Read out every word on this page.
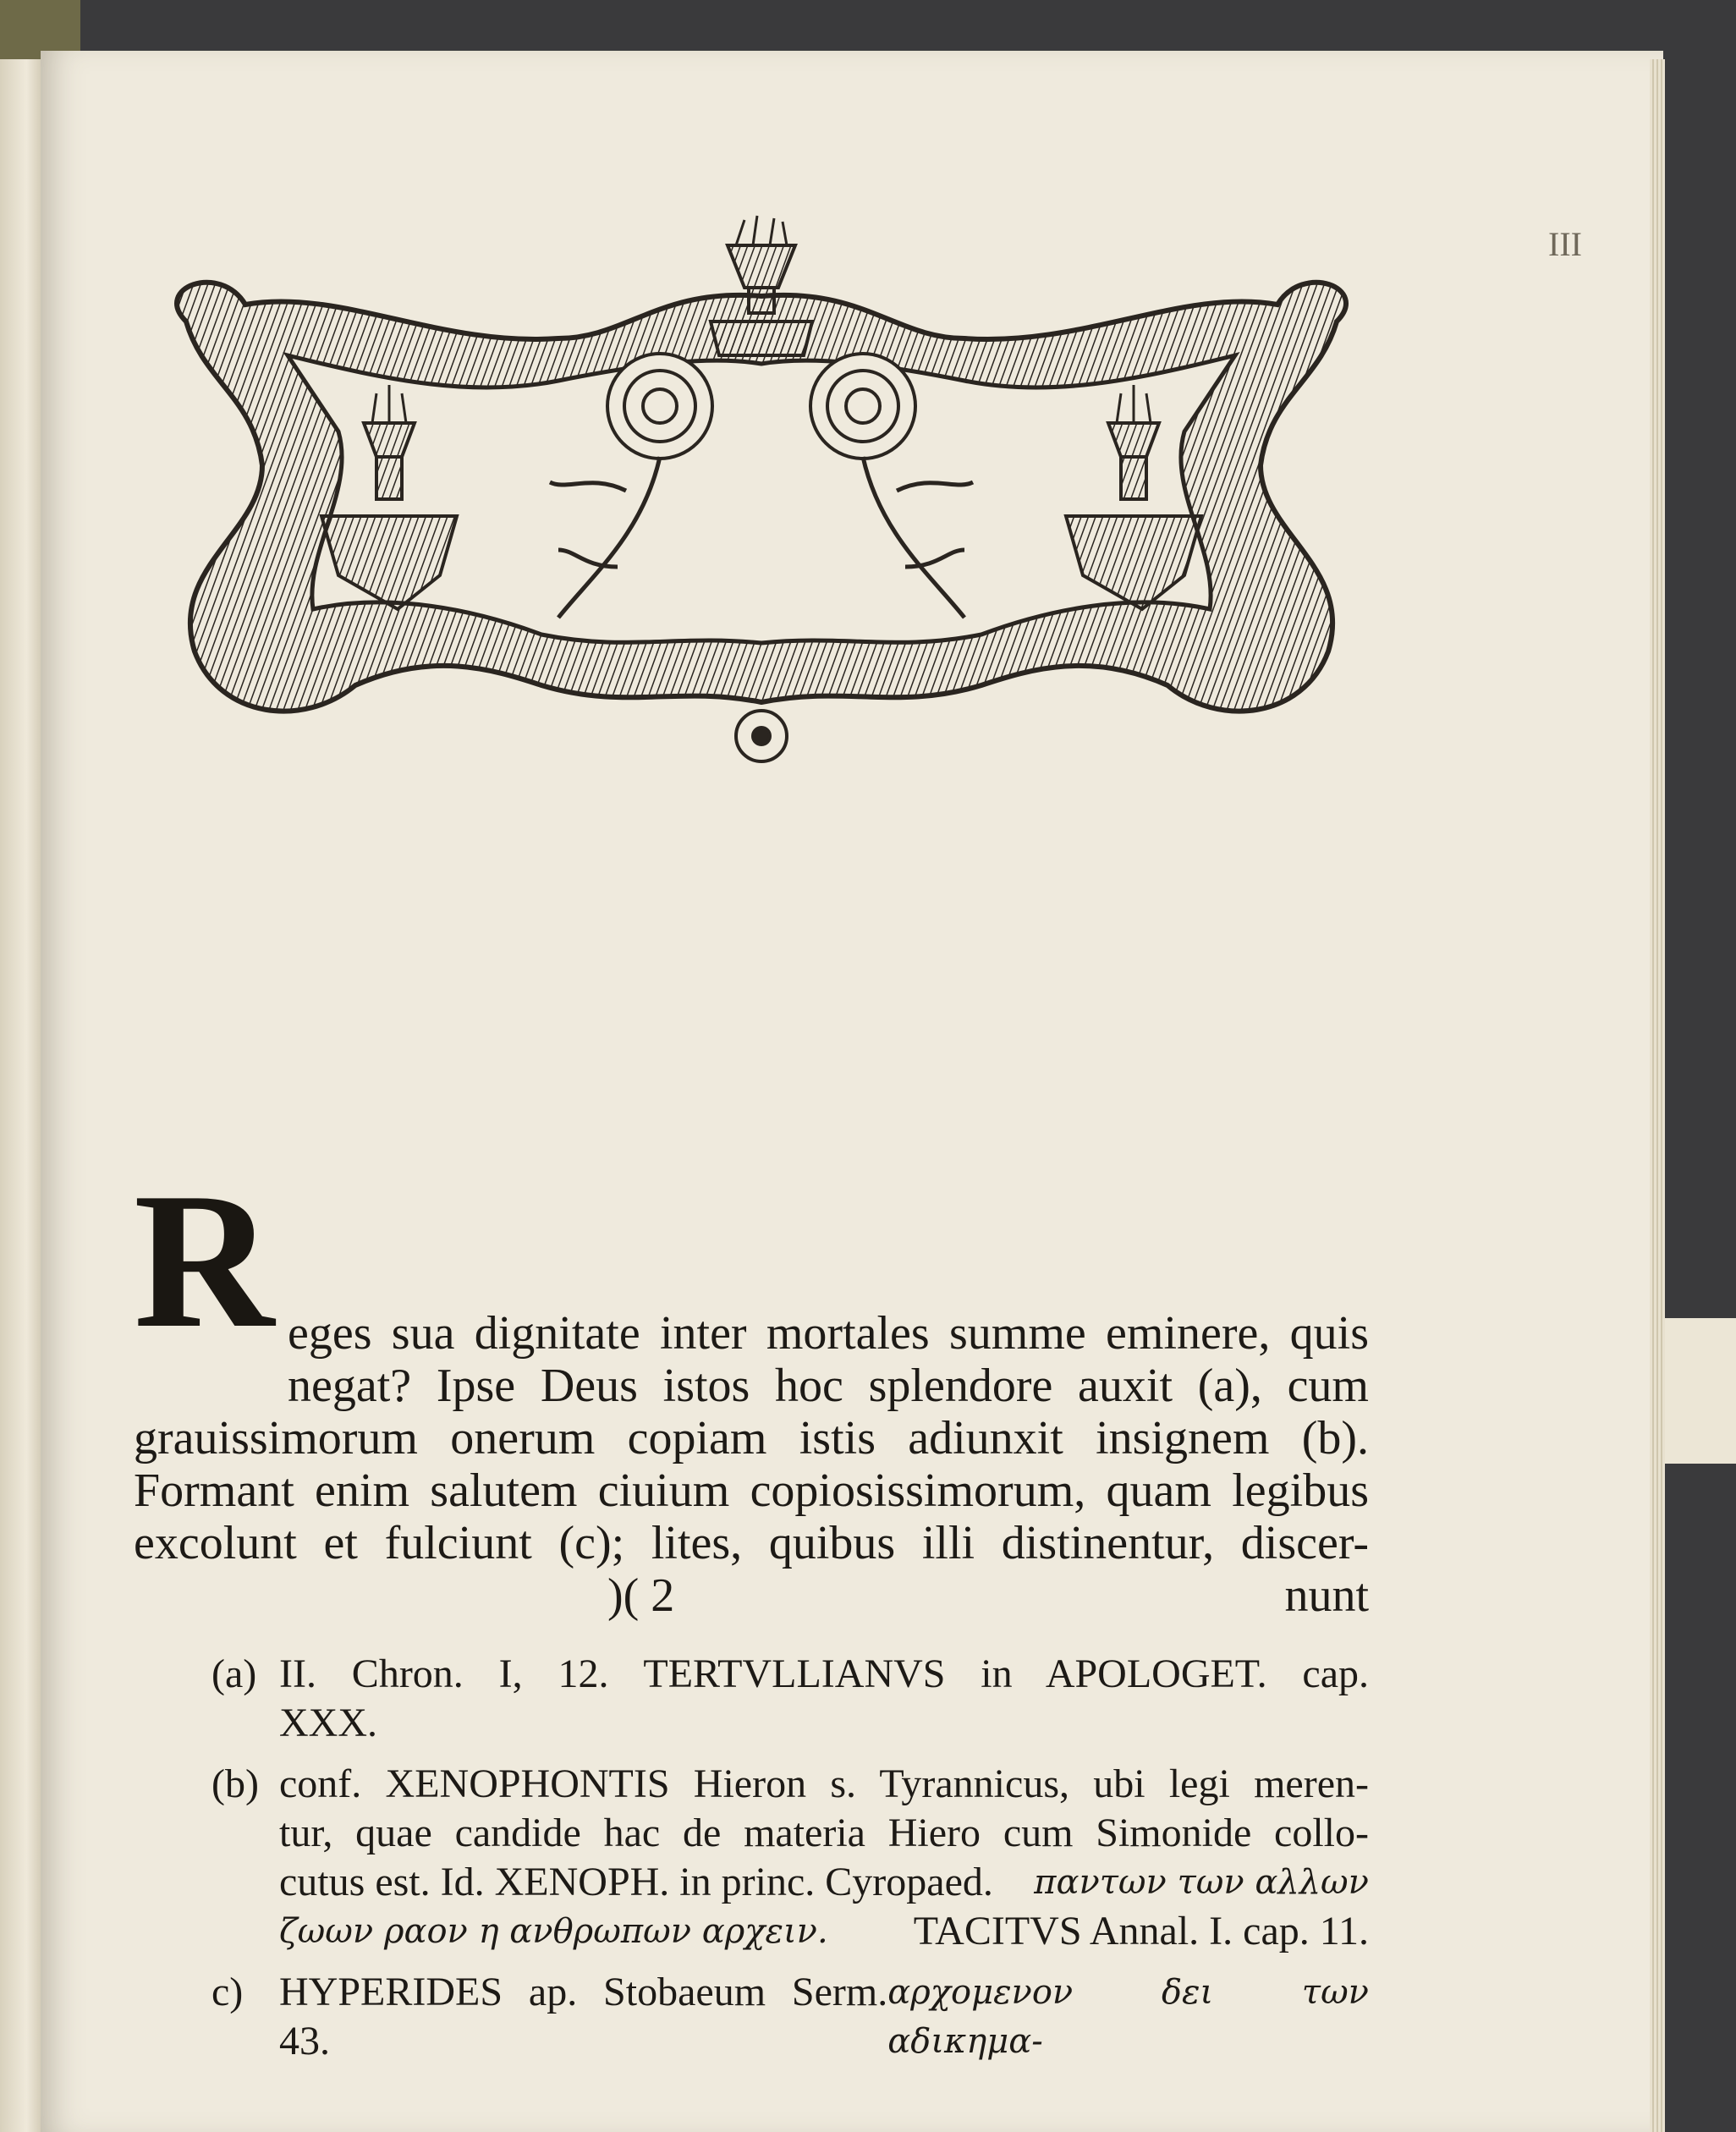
III
R eges sua dignitate inter mortales summe eminere, quis
negat? Ipse Deus istos hoc splendore auxit (a), cum
grauissimorum onerum copiam istis adiunxit insignem (b).
Formant enim salutem ciuium copiosissimorum, quam legibus
excolunt et fulciunt (c); lites, quibus illi distinentur, discer-
)( 2	nunt
(a) II. Chron. I, 12. TERTVLLIANVS in APOLOGET. cap.
XXX.
(b) conf. XENOPHONTIS Hieron s. Tyrannicus, ubi legi meren-
tur, quae candide hac de materia Hiero cum Simonide collo-
cutus est. Id. XENOPH. in princ. Cyropaed. παντων των αλλων
ζωων ραον η ανθρωπων αρχειν. TACITVS Annal. I. cap. 11.
c) HYPERIDES ap. Stobaeum Serm. 43.
αρχομενον δει των αδικημα-
